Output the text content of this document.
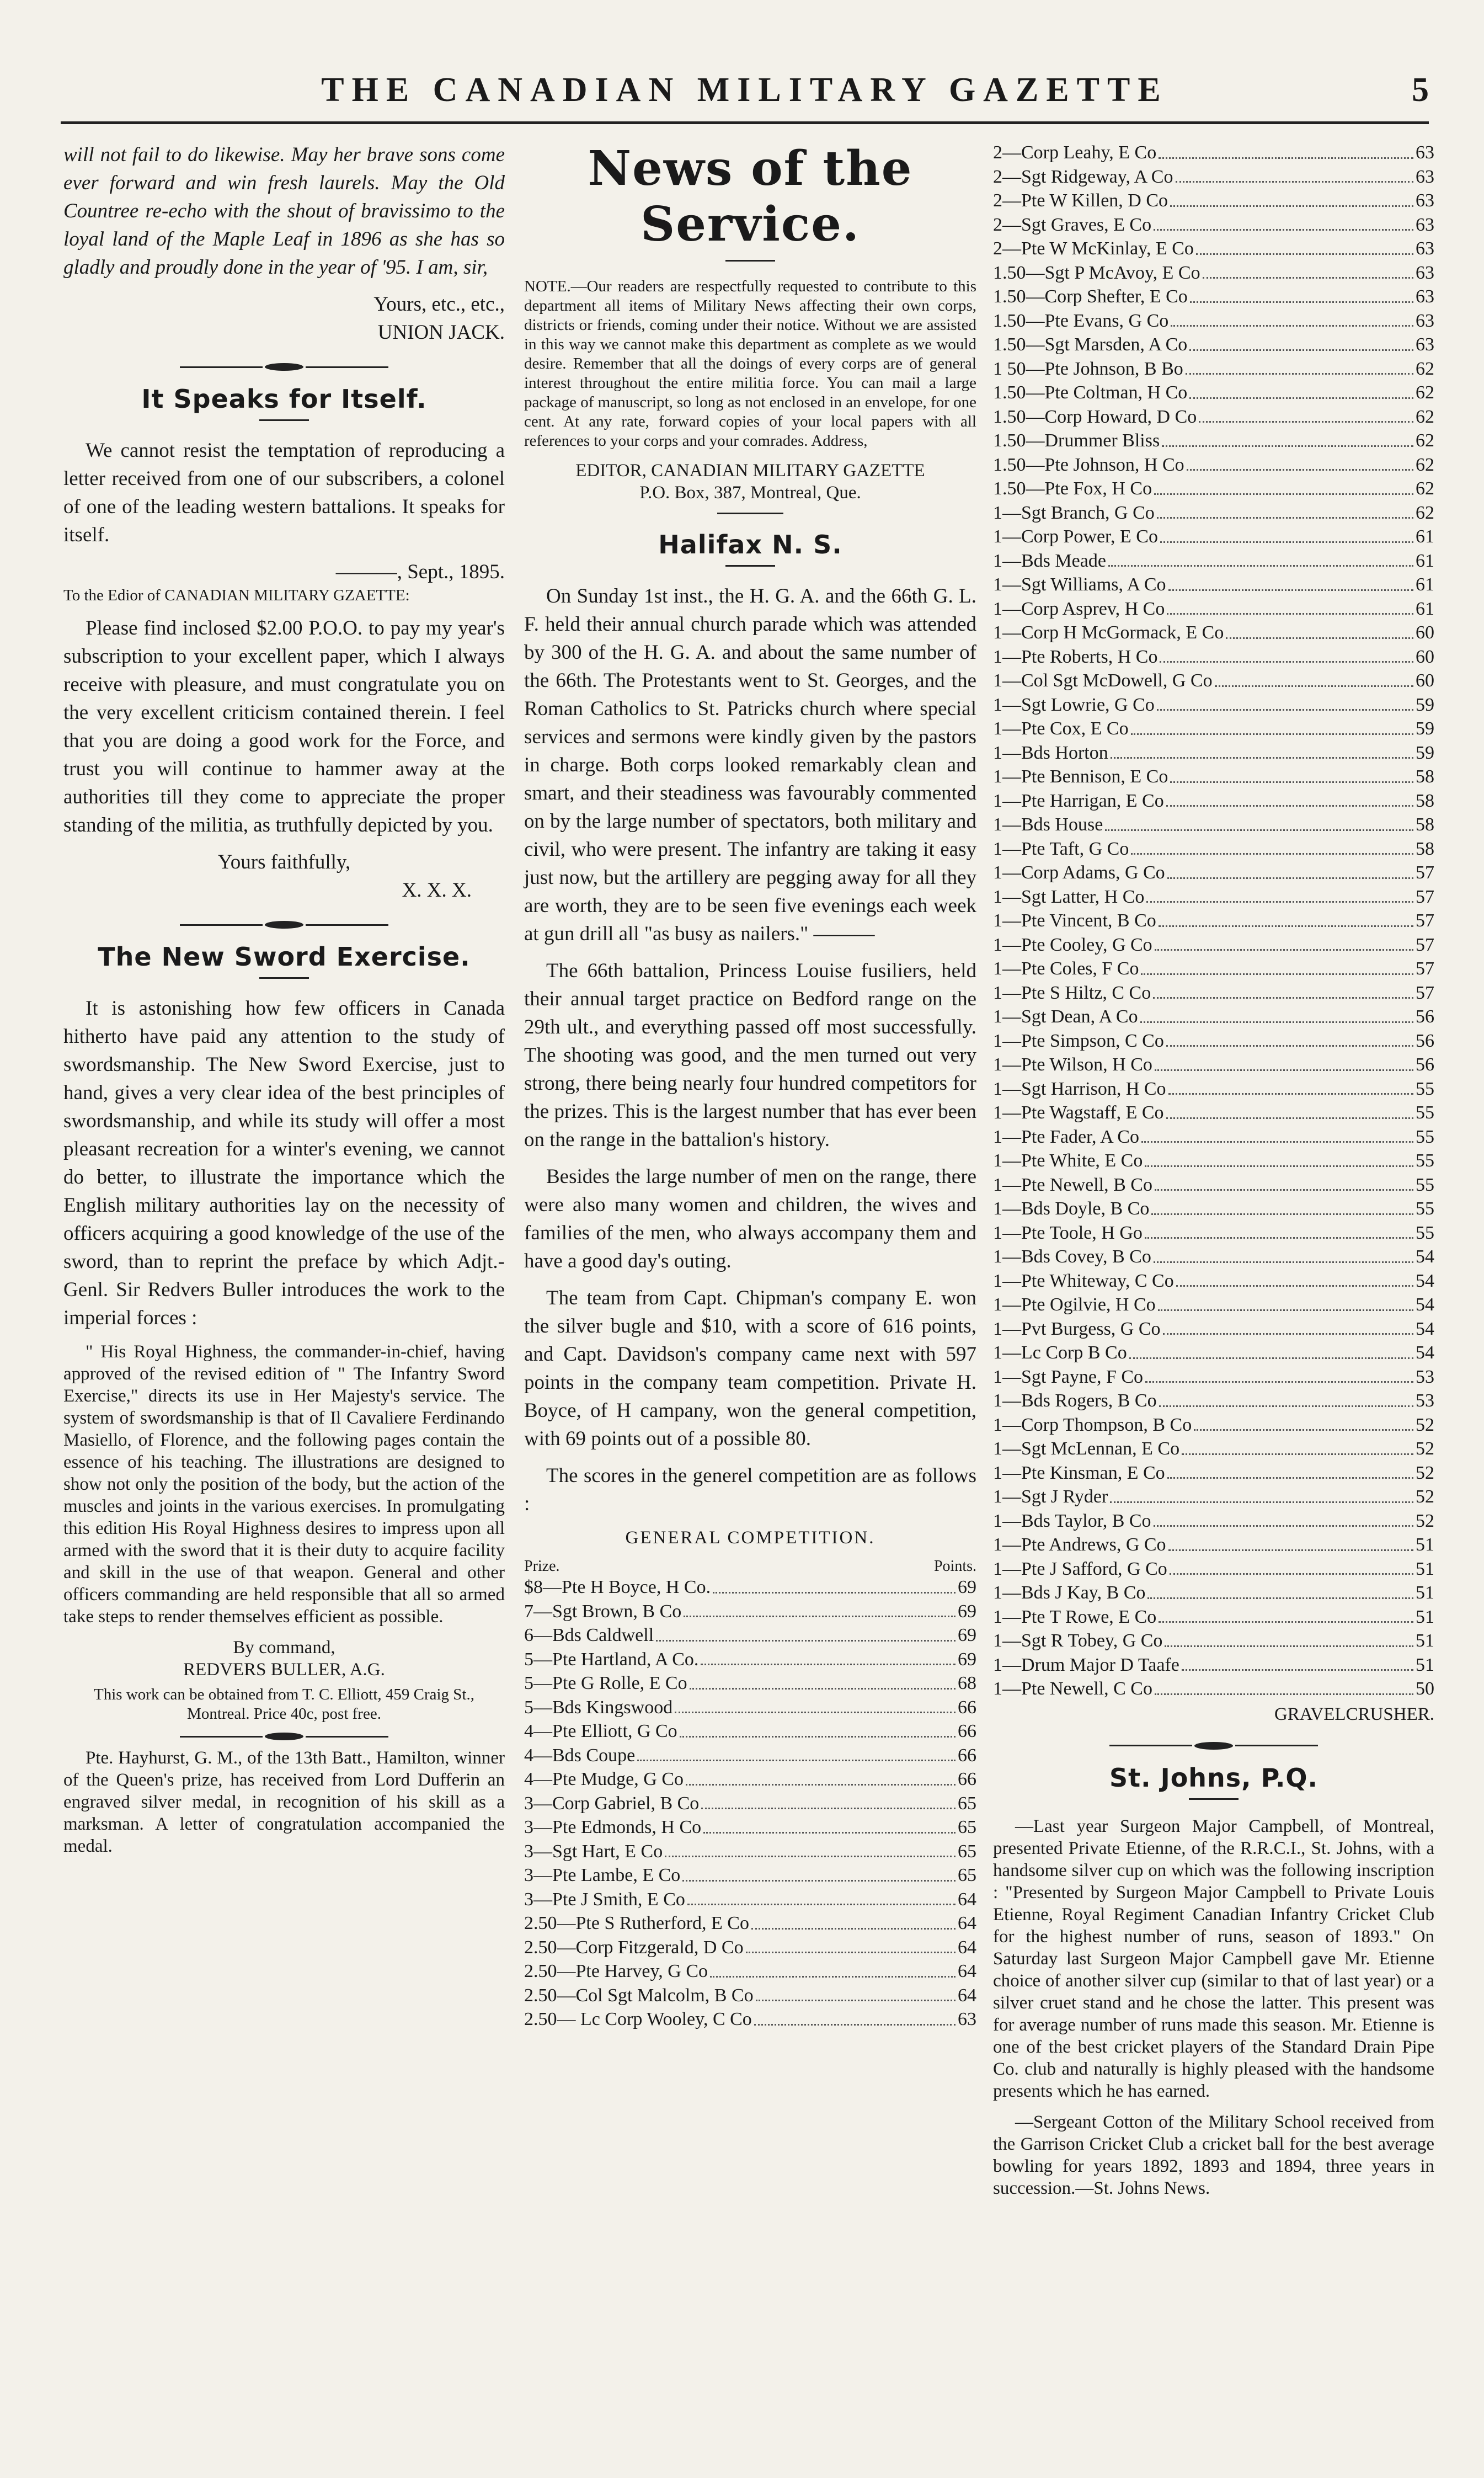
THE CANADIAN MILITARY GAZETTE	5

will not fail to do likewise. May her brave sons come ever forward and win fresh laurels. May the Old Countree re-echo with the shout of bravissimo to the loyal land of the Maple Leaf in 1896 as she has so gladly and proudly done in the year of '95. I am, sir,

Yours, etc., etc.,

UNION JACK.

It Speaks for Itself.

We cannot resist the temptation of reproducing a letter received from one of our subscribers, a colonel of one of the leading western battalions. It speaks for itself.

———, Sept., 1895.

To the Edior of CANADIAN MILITARY GZAETTE:

Please find inclosed $2.00 P.O.O. to pay my year's subscription to your excellent paper, which I always receive with pleasure, and must congratulate you on the very excellent criticism contained therein. I feel that you are doing a good work for the Force, and trust you will continue to hammer away at the authorities till they come to appreciate the proper standing of the militia, as truthfully depicted by you.

Yours faithfully,

X. X. X.

The New Sword Exercise.

It is astonishing how few officers in Canada hitherto have paid any attention to the study of swordsmanship. The New Sword Exercise, just to hand, gives a very clear idea of the best principles of swordsmanship, and while its study will offer a most pleasant recreation for a winter's evening, we cannot do better, to illustrate the importance which the English military authorities lay on the necessity of officers acquiring a good knowledge of the use of the sword, than to reprint the preface by which Adjt.-Genl. Sir Redvers Buller introduces the work to the imperial forces :

" His Royal Highness, the commander-in-chief, having approved of the revised edition of " The Infantry Sword Exercise," directs its use in Her Majesty's service. The system of swordsmanship is that of Il Cavaliere Ferdinando Masiello, of Florence, and the following pages contain the essence of his teaching. The illustrations are designed to show not only the position of the body, but the action of the muscles and joints in the various exercises. In promulgating this edition His Royal Highness desires to impress upon all armed with the sword that it is their duty to acquire facility and skill in the use of that weapon. General and other officers commanding are held responsible that all so armed take steps to render themselves efficient as possible.

By command,

REDVERS BULLER, A.G.

This work can be obtained from T. C. Elliott, 459 Craig St., Montreal. Price 40c, post free.

Pte. Hayhurst, G. M., of the 13th Batt., Hamilton, winner of the Queen's prize, has received from Lord Dufferin an engraved silver medal, in recognition of his skill as a marksman. A letter of congratulation accompanied the medal.

News of the Service.

NOTE.—Our readers are respectfully requested to contribute to this department all items of Military News affecting their own corps, districts or friends, coming under their notice. Without we are assisted in this way we cannot make this department as complete as we would desire. Remember that all the doings of every corps are of general interest throughout the entire militia force. You can mail a large package of manuscript, so long as not enclosed in an envelope, for one cent. At any rate, forward copies of your local papers with all references to your corps and your comrades. Address,

EDITOR, CANADIAN MILITARY GAZETTE

P.O. Box, 387, Montreal, Que.

Halifax N. S.

On Sunday 1st inst., the H. G. A. and the 66th G. L. F. held their annual church parade which was attended by 300 of the H. G. A. and about the same number of the 66th. The Protestants went to St. Georges, and the Roman Catholics to St. Patricks church where special services and sermons were kindly given by the pastors in charge. Both corps looked remarkably clean and smart, and their steadiness was favourably commented on by the large number of spectators, both military and civil, who were present. The infantry are taking it easy just now, but the artillery are pegging away for all they are worth, they are to be seen five evenings each week at gun drill all "as busy as nailers." ———

The 66th battalion, Princess Louise fusiliers, held their annual target practice on Bedford range on the 29th ult., and everything passed off most successfully. The shooting was good, and the men turned out very strong, there being nearly four hundred competitors for the prizes. This is the largest number that has ever been on the range in the battalion's history.

Besides the large number of men on the range, there were also many women and children, the wives and families of the men, who always accompany them and have a good day's outing.

The team from Capt. Chipman's company E. won the silver bugle and $10, with a score of 616 points, and Capt. Davidson's company came next with 597 points in the company team competition. Private H. Boyce, of H campany, won the general competition, with 69 points out of a possible 80.

The scores in the generel competition are as follows :

GENERAL COMPETITION.

Prize.	Points.
$8—Pte H Boyce, H Co.	69
7—Sgt Brown, B Co	69
6—Bds Caldwell	69
5—Pte Hartland, A Co.	69
5—Pte G Rolle, E Co	68
5—Bds Kingswood	66
4—Pte Elliott, G Co	66
4—Bds Coupe	66
4—Pte Mudge, G Co	66
3—Corp Gabriel, B Co	65
3—Pte Edmonds, H Co	65
3—Sgt Hart, E Co	65
3—Pte Lambe, E Co	65
3—Pte J Smith, E Co	64
2.50—Pte S Rutherford, E Co	64
2.50—Corp Fitzgerald, D Co	64
2.50—Pte Harvey, G Co	64
2.50—Col Sgt Malcolm, B Co	64
2.50— Lc Corp Wooley, C Co	63
2—Corp Leahy, E Co	63
2—Sgt Ridgeway, A Co	63
2—Pte W Killen, D Co	63
2—Sgt Graves, E Co	63
2—Pte W McKinlay, E Co	63
1.50—Sgt P McAvoy, E Co	63
1.50—Corp Shefter, E Co	63
1.50—Pte Evans, G Co	63
1.50—Sgt Marsden, A Co	63
1 50—Pte Johnson, B Bo	62
1.50—Pte Coltman, H Co	62
1.50—Corp Howard, D Co	62
1.50—Drummer Bliss	62
1.50—Pte Johnson, H Co	62
1.50—Pte Fox, H Co	62
1—Sgt Branch, G Co	62
1—Corp Power, E Co	61
1—Bds Meade	61
1—Sgt Williams, A Co	61
1—Corp Asprev, H Co	61
1—Corp H McGormack, E Co	60
1—Pte Roberts, H Co	60
1—Col Sgt McDowell, G Co	60
1—Sgt Lowrie, G Co	59
1—Pte Cox, E Co	59
1—Bds Horton	59
1—Pte Bennison, E Co	58
1—Pte Harrigan, E Co	58
1—Bds House	58
1—Pte Taft, G Co	58
1—Corp Adams, G Co	57
1—Sgt Latter, H Co	57
1—Pte Vincent, B Co	57
1—Pte Cooley, G Co	57
1—Pte Coles, F Co	57
1—Pte S Hiltz, C Co	57
1—Sgt Dean, A Co	56
1—Pte Simpson, C Co	56
1—Pte Wilson, H Co	56
1—Sgt Harrison, H Co	55
1—Pte Wagstaff, E Co	55
1—Pte Fader, A Co	55
1—Pte White, E Co	55
1—Pte Newell, B Co	55
1—Bds Doyle, B Co	55
1—Pte Toole, H Go	55
1—Bds Covey, B Co	54
1—Pte Whiteway, C Co	54
1—Pte Ogilvie, H Co	54
1—Pvt Burgess, G Co	54
1—Lc Corp B Co	54
1—Sgt Payne, F Co	53
1—Bds Rogers, B Co	53
1—Corp Thompson, B Co	52
1—Sgt McLennan, E Co	52
1—Pte Kinsman, E Co	52
1—Sgt J Ryder	52
1—Bds Taylor, B Co	52
1—Pte Andrews, G Co	51
1—Pte J Safford, G Co	51
1—Bds J Kay, B Co	51
1—Pte T Rowe, E Co	51
1—Sgt R Tobey, G Co	51
1—Drum Major D Taafe	51
1—Pte Newell, C Co	50

GRAVELCRUSHER.

St. Johns, P.Q.

—Last year Surgeon Major Campbell, of Montreal, presented Private Etienne, of the R.R.C.I., St. Johns, with a handsome silver cup on which was the following inscription : "Presented by Surgeon Major Campbell to Private Louis Etienne, Royal Regiment Canadian Infantry Cricket Club for the highest number of runs, season of 1893." On Saturday last Surgeon Major Campbell gave Mr. Etienne choice of another silver cup (similar to that of last year) or a silver cruet stand and he chose the latter. This present was for average number of runs made this season. Mr. Etienne is one of the best cricket players of the Standard Drain Pipe Co. club and naturally is highly pleased with the handsome presents which he has earned.

—Sergeant Cotton of the Military School received from the Garrison Cricket Club a cricket ball for the best average bowling for years 1892, 1893 and 1894, three years in succession.—St. Johns News.
